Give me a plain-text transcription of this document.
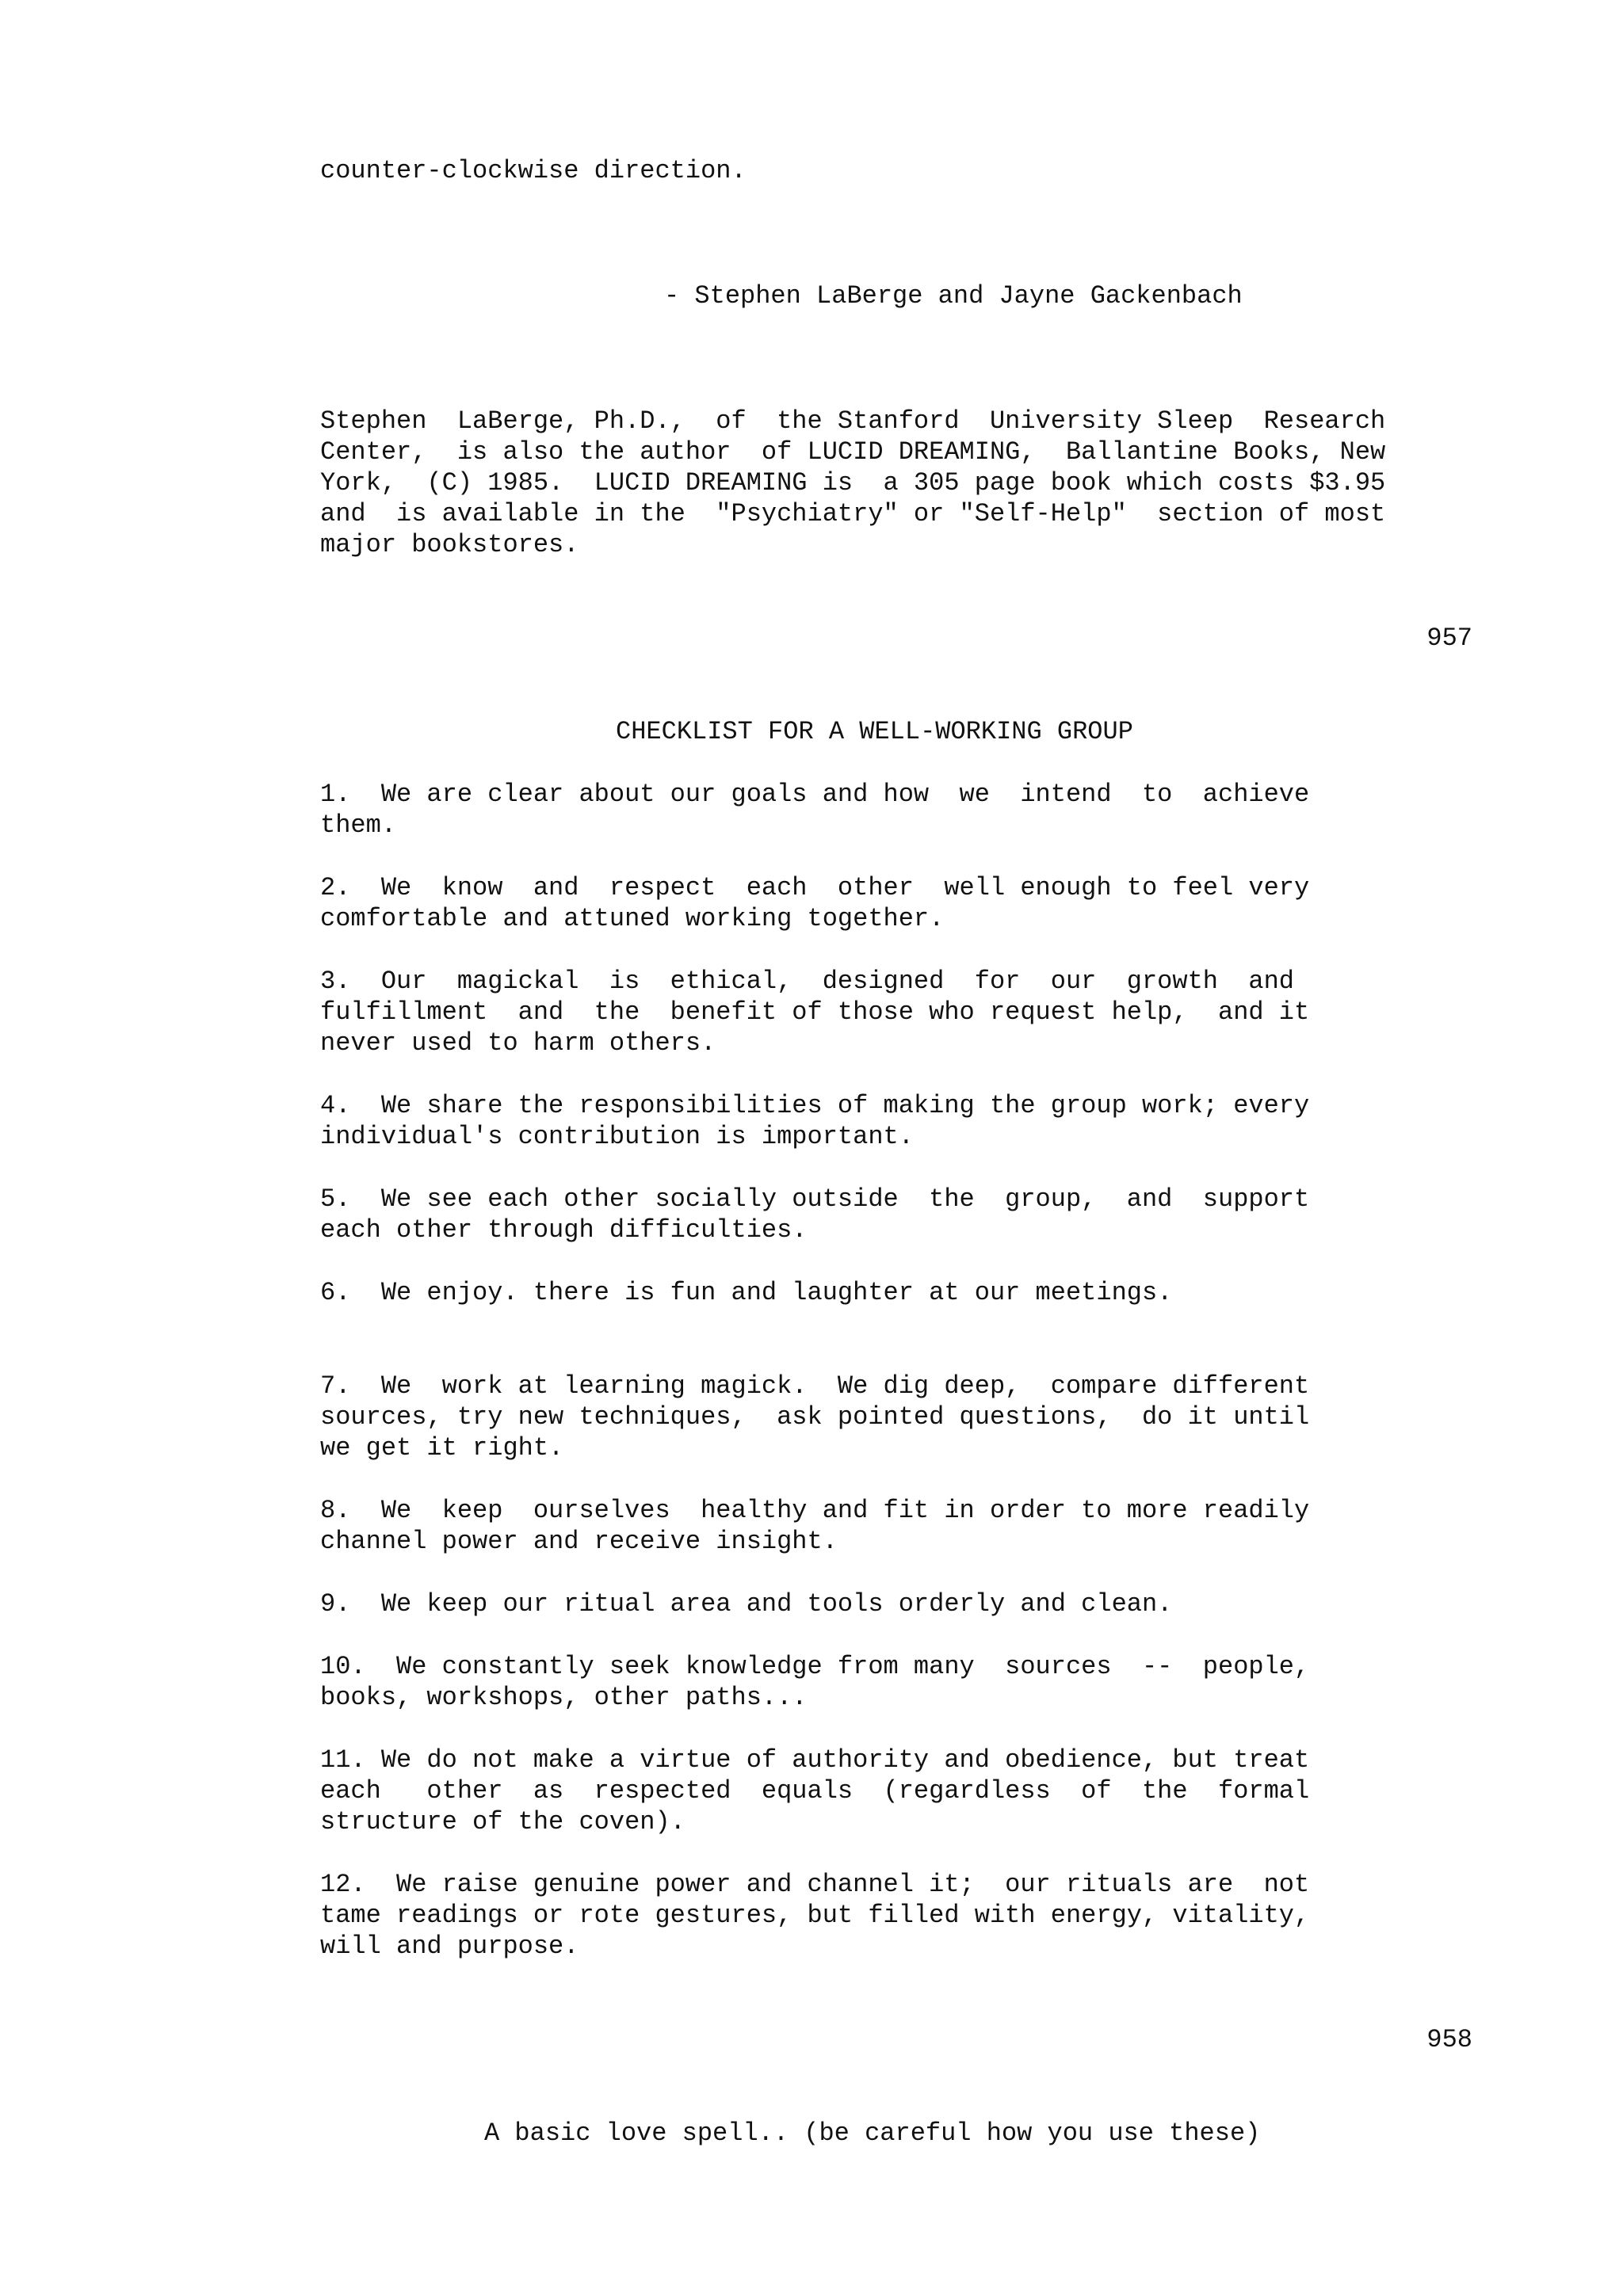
counter-clockwise direction.

- Stephen LaBerge and Jayne Gackenbach

Stephen  LaBerge, Ph.D.,  of  the Stanford  University Sleep  Research

Center,  is also the author  of LUCID DREAMING,  Ballantine Books, New

York,  (C) 1985.  LUCID DREAMING is  a 305 page book which costs $3.95

and  is available in the  "Psychiatry" or "Self-Help"  section of most

major bookstores.

957

CHECKLIST FOR A WELL-WORKING GROUP

1.  We are clear about our goals and how  we  intend  to  achieve

them.

2.  We  know  and  respect  each  other  well enough to feel very

comfortable and attuned working together.

3.  Our  magickal  is  ethical,  designed  for  our  growth  and

fulfillment  and  the  benefit of those who request help,  and it

never used to harm others.

4.  We share the responsibilities of making the group work; every

individual's contribution is important.

5.  We see each other socially outside  the  group,  and  support

each other through difficulties.

6.  We enjoy. there is fun and laughter at our meetings.

7.  We  work at learning magick.  We dig deep,  compare different

sources, try new techniques,  ask pointed questions,  do it until

we get it right.

8.  We  keep  ourselves  healthy and fit in order to more readily

channel power and receive insight.

9.  We keep our ritual area and tools orderly and clean.

10.  We constantly seek knowledge from many  sources  --  people,

books, workshops, other paths...

11. We do not make a virtue of authority and obedience, but treat

each   other  as  respected  equals  (regardless  of  the  formal

structure of the coven).

12.  We raise genuine power and channel it;  our rituals are  not

tame readings or rote gestures, but filled with energy, vitality,

will and purpose.

958

A basic love spell.. (be careful how you use these)
